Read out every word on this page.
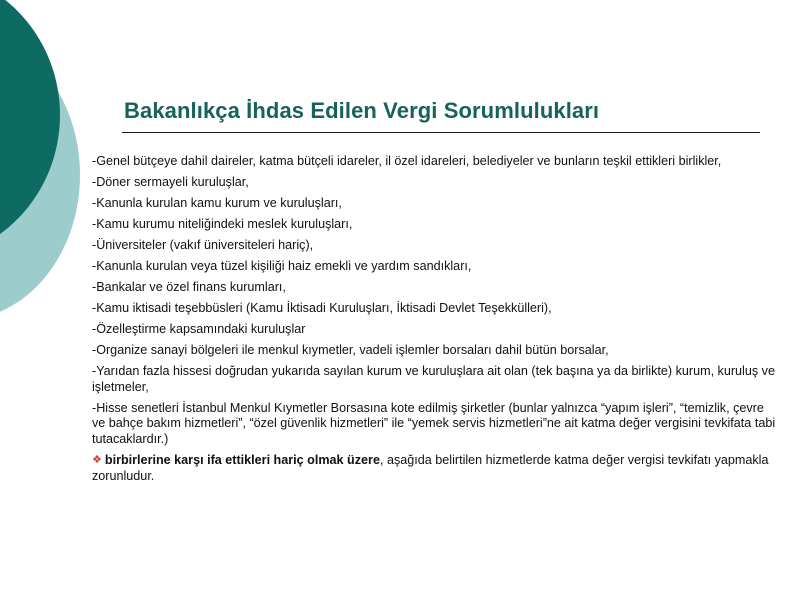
Bakanlıkça İhdas Edilen Vergi Sorumlulukları
-Genel bütçeye dahil daireler, katma bütçeli idareler, il özel idareleri, belediyeler ve bunların teşkil ettikleri birlikler,
-Döner sermayeli kuruluşlar,
-Kanunla kurulan kamu kurum ve kuruluşları,
-Kamu kurumu niteliğindeki meslek kuruluşları,
-Üniversiteler (vakıf üniversiteleri hariç),
-Kanunla kurulan veya tüzel kişiliği haiz emekli ve yardım sandıkları,
-Bankalar ve özel finans kurumları,
-Kamu iktisadi teşebbüsleri (Kamu İktisadi Kuruluşları, İktisadi Devlet Teşekkülleri),
-Özelleştirme kapsamındaki kuruluşlar
-Organize sanayi bölgeleri ile menkul kıymetler, vadeli işlemler borsaları dahil bütün borsalar,
-Yarıdan fazla hissesi doğrudan yukarıda sayılan kurum ve kuruluşlara ait olan (tek başına ya da birlikte) kurum, kuruluş ve işletmeler,
-Hisse senetleri İstanbul Menkul Kıymetler Borsasına kote edilmiş şirketler (bunlar yalnızca “yapım işleri”, “temizlik, çevre ve bahçe bakım hizmetleri”, “özel güvenlik hizmetleri” ile “yemek servis hizmetleri”ne ait katma değer vergisini tevkifata tabi tutacaklardır.)
❖ birbirlerine karşı ifa ettikleri hariç olmak üzere, aşağıda belirtilen hizmetlerde katma değer vergisi tevkifatı yapmakla zorunludur.
